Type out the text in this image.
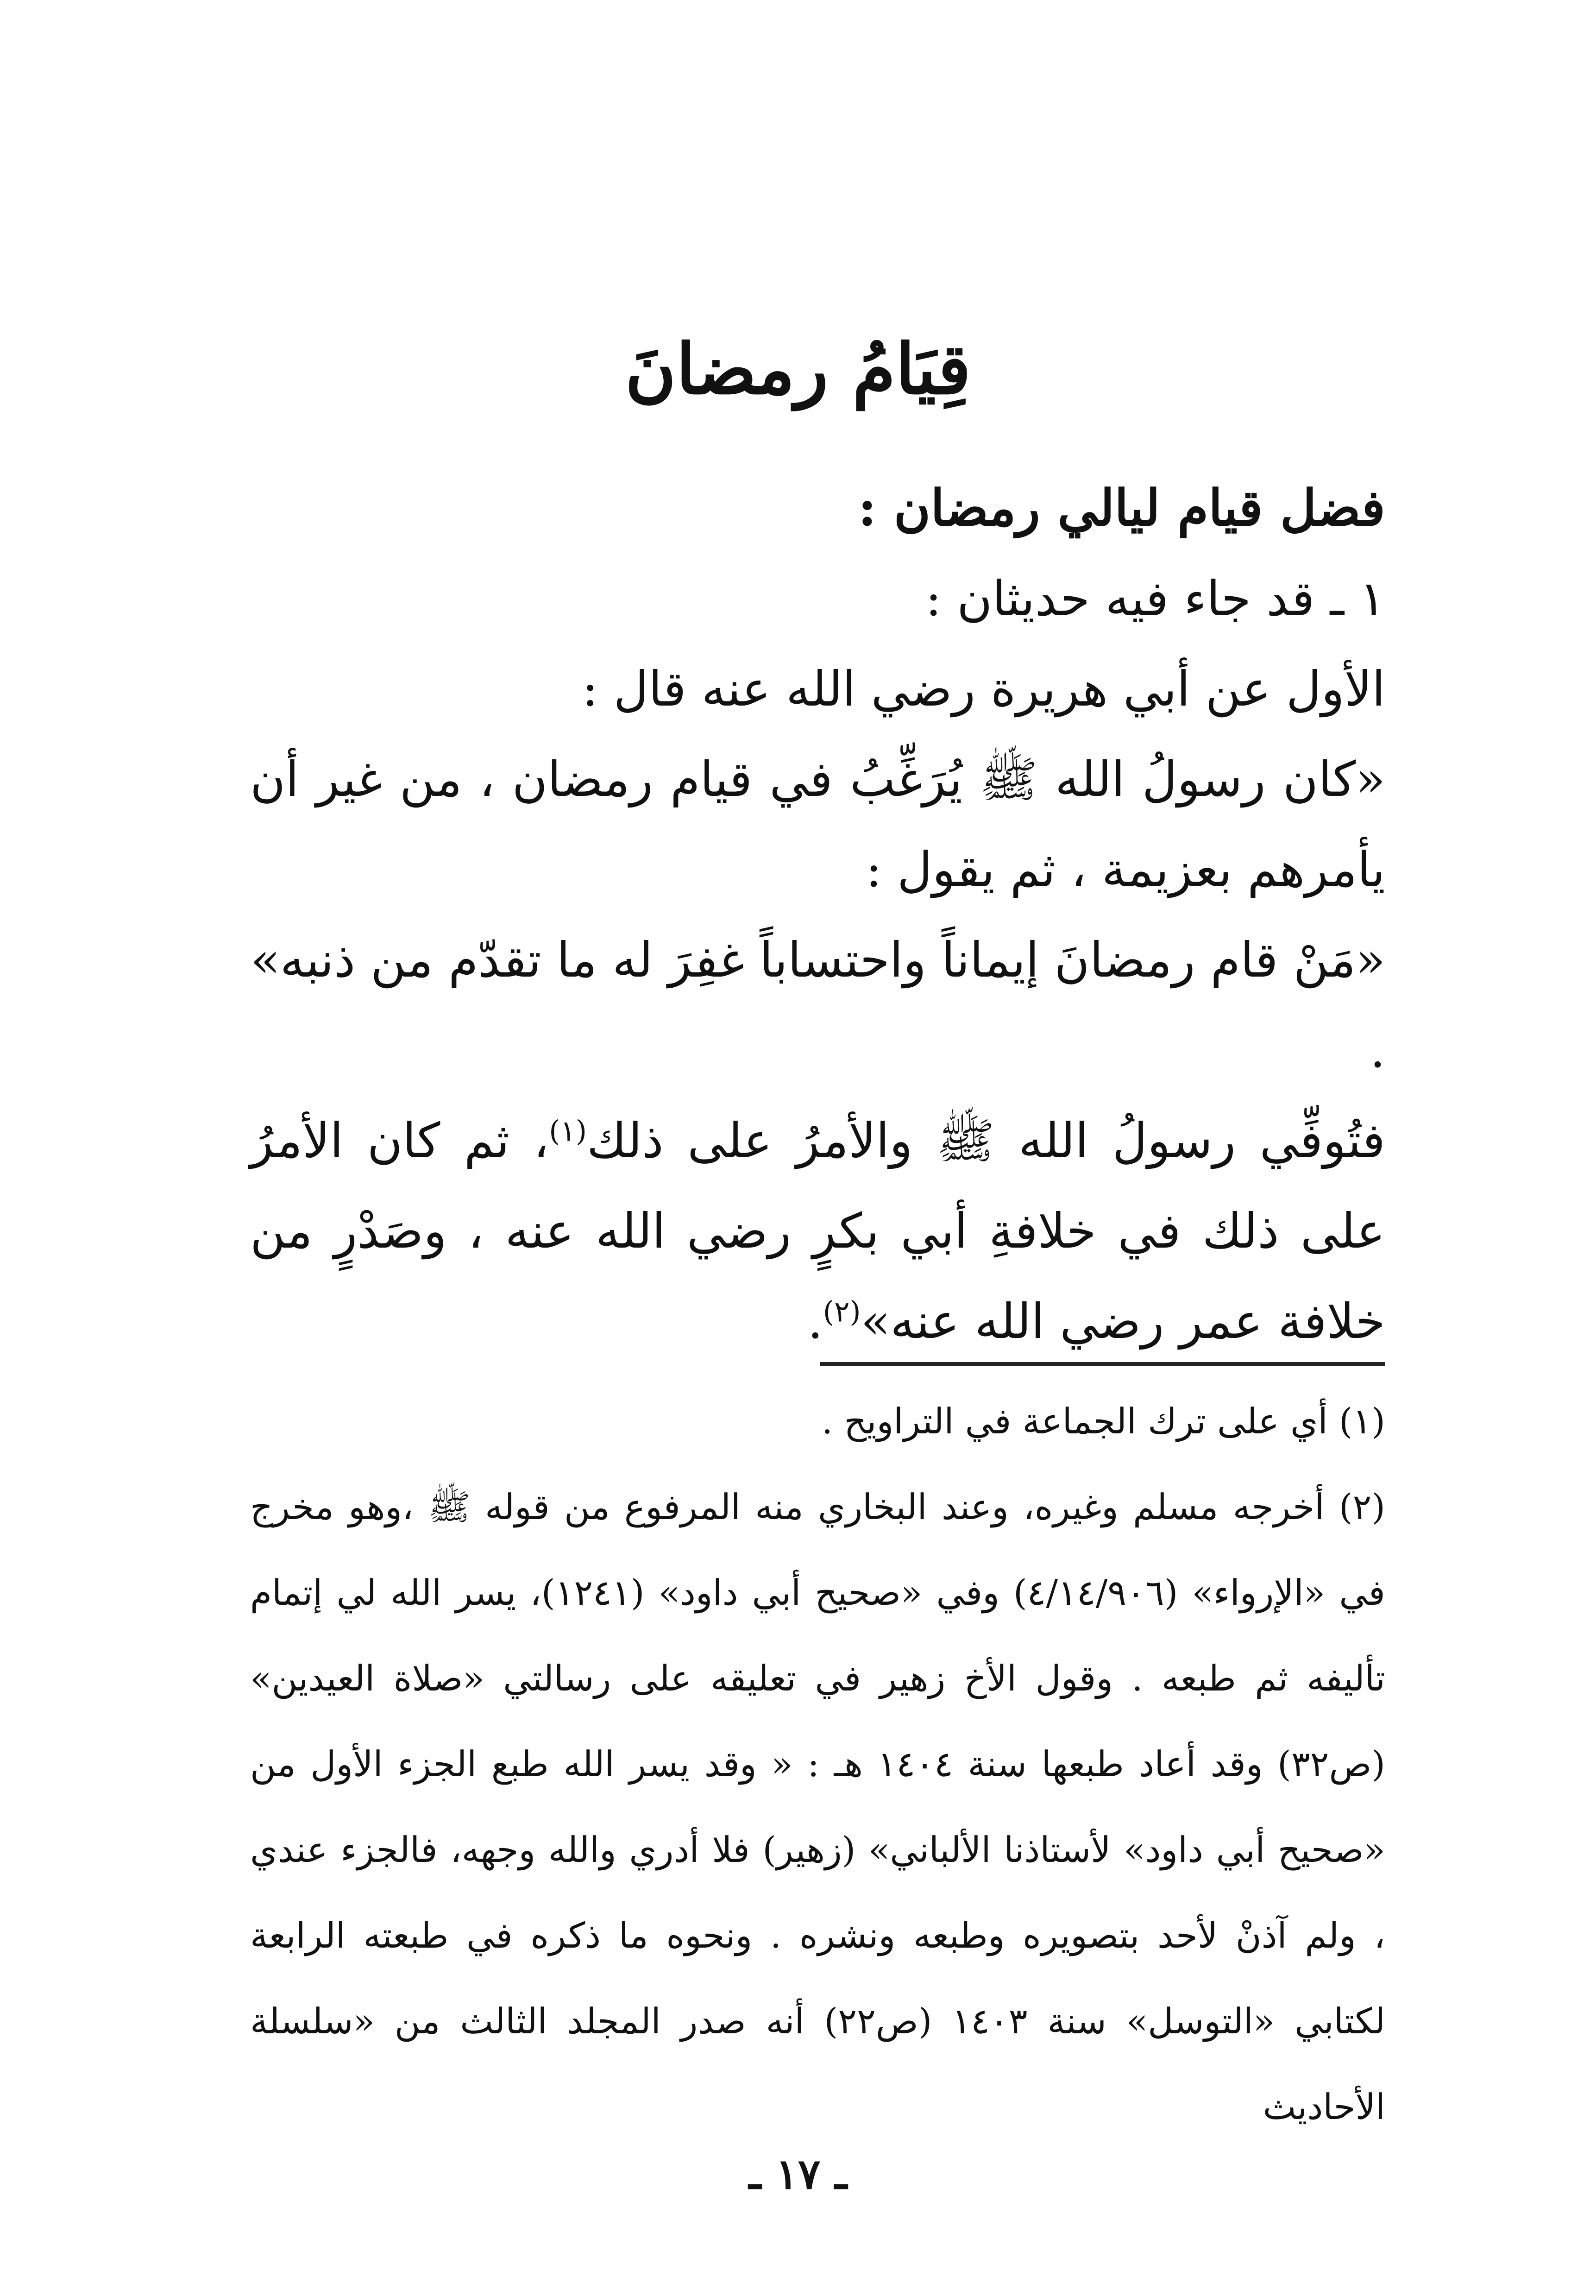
قِيَامُ رمضانَ

فضل قيام ليالي رمضان :

١ ـ قد جاء فيه حديثان :

الأول عن أبي هريرة رضي الله عنه قال :

«كان رسولُ الله ﷺ يُرَغِّبُ في قيام رمضان ، من غير أن يأمرهم بعزيمة ، ثم يقول :

«مَنْ قام رمضانَ إيماناً واحتساباً غفِرَ له ما تقدّم من ذنبه» .

فتُوفِّي رسولُ الله ﷺ والأمرُ على ذلك$^{(١)}$، ثم كان الأمرُ على ذلك في خلافةِ أبي بكرٍ رضي الله عنه ، وصَدْرٍ من خلافة عمر رضي الله عنه»$^{(٢)}$.

(١) أي على ترك الجماعة في التراويح .

(٢) أخرجه مسلم وغيره، وعند البخاري منه المرفوع من قوله ﷺ ،وهو مخرج في «الإرواء» (٤/١٤/٩٠٦) وفي «صحيح أبي داود» (١٢٤١)، يسر الله لي إتمام تأليفه ثم طبعه . وقول الأخ زهير في تعليقه على رسالتي «صلاة العيدين» (ص٣٢) وقد أعاد طبعها سنة ١٤٠٤ هـ : « وقد يسر الله طبع الجزء الأول من «صحيح أبي داود» لأستاذنا الألباني» (زهير) فلا أدري والله وجهه، فالجزء عندي ، ولم آذنْ لأحد بتصويره وطبعه ونشره . ونحوه ما ذكره في طبعته الرابعة لكتابي «التوسل» سنة ١٤٠٣ (ص٢٢) أنه صدر المجلد الثالث من «سلسلة الأحاديث

ـ ١٧ ـ
